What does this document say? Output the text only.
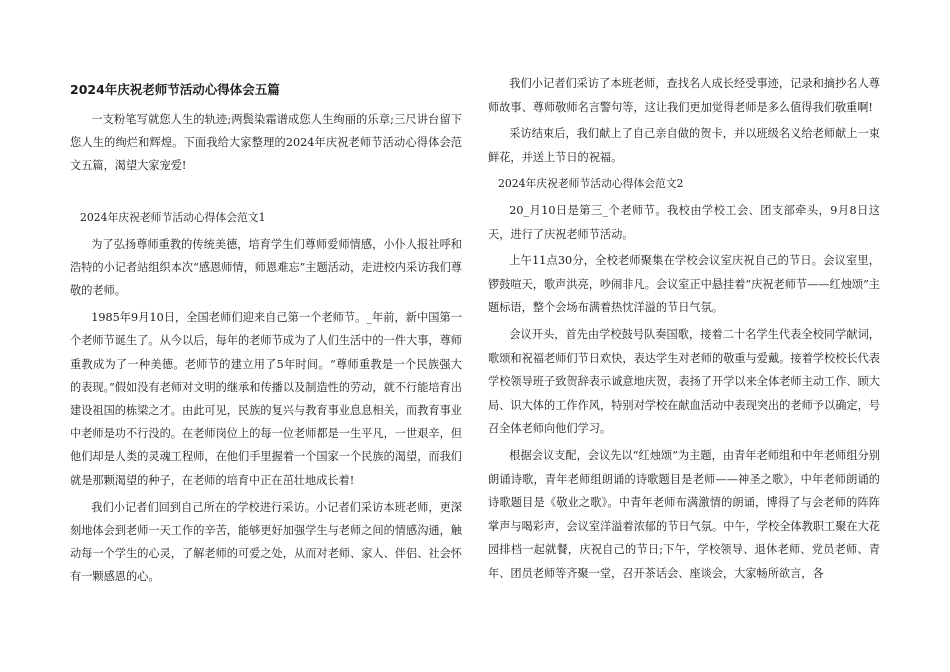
2024年庆祝老师节活动心得体会五篇

一支粉笔写就您人生的轨迹;两鬓染霜谱成您人生绚丽的乐章;三尺讲台留下您人生的绚烂和辉煌。下面我给大家整理的2024年庆祝老师节活动心得体会范文五篇，渴望大家宠爱!

2024年庆祝老师节活动心得体会范文1

为了弘扬尊师重教的传统美德，培育学生们尊师爱师情感，小仆人报社呼和浩特的小记者站组织本次“感恩师情，师恩难忘”主题活动，走进校内采访我们尊敬的老师。

1985年9月10日，全国老师们迎来自己第一个老师节。_年前，新中国第一个老师节诞生了。从今以后，每年的老师节成为了人们生活中的一件大事，尊师重教成为了一种美德。老师节的建立用了5年时间。“尊师重教是一个民族强大的表现。”假如没有老师对文明的继承和传播以及制造性的劳动，就不行能培育出建设祖国的栋梁之才。由此可见，民族的复兴与教育事业息息相关，而教育事业中老师是功不行没的。在老师岗位上的每一位老师都是一生平凡，一世艰辛，但他们却是人类的灵魂工程师，在他们手里握着一个国家一个民族的渴望，而我们就是那颗渴望的种子，在老师的培育中正在茁壮地成长着!

我们小记者们回到自己所在的学校进行采访。小记者们采访本班老师，更深刻地体会到老师一天工作的辛苦，能够更好加强学生与老师之间的情感沟通，触动每一个学生的心灵，了解老师的可爱之处，从而对老师、家人、伴侣、社会怀有一颗感恩的心。

我们小记者们采访了本班老师，查找名人成长经受事迹，记录和摘抄名人尊师故事、尊师敬师名言警句等，这让我们更加觉得老师是多么值得我们敬重啊!

采访结束后，我们献上了自己亲自做的贺卡，并以班级名义给老师献上一束鲜花，并送上节日的祝福。

2024年庆祝老师节活动心得体会范文2

20_月10日是第三_个老师节。我校由学校工会、团支部牵头，9月8日这天，进行了庆祝老师节活动。

上午11点30分，全校老师聚集在学校会议室庆祝自己的节日。会议室里，锣鼓喧天，歌声洪亮，吵闹非凡。会议室正中悬挂着“庆祝老师节——红烛颂”主题标语，整个会场布满着热忱洋溢的节日气氛。

会议开头，首先由学校鼓号队奏国歌，接着二十名学生代表全校同学献词，歌颂和祝福老师们节日欢快，表达学生对老师的敬重与爱戴。接着学校校长代表学校领导班子致贺辞表示诚意地庆贺，表扬了开学以来全体老师主动工作、顾大局、识大体的工作作风，特别对学校在献血活动中表现突出的老师予以确定，号召全体老师向他们学习。

根据会议支配，会议先以“红烛颂”为主题，由青年老师组和中年老师组分别朗诵诗歌，青年老师组朗诵的诗歌题目是老师——神圣之歌》，中年老师朗诵的诗歌题目是《敬业之歌》。中青年老师布满激情的朗诵，博得了与会老师的阵阵掌声与喝彩声，会议室洋溢着浓郁的节日气氛。中午，学校全体教职工聚在大花园排档一起就餐，庆祝自己的节日;下午，学校领导、退休老师、党员老师、青年、团员老师等齐聚一堂，召开茶话会、座谈会，大家畅所欲言，各
